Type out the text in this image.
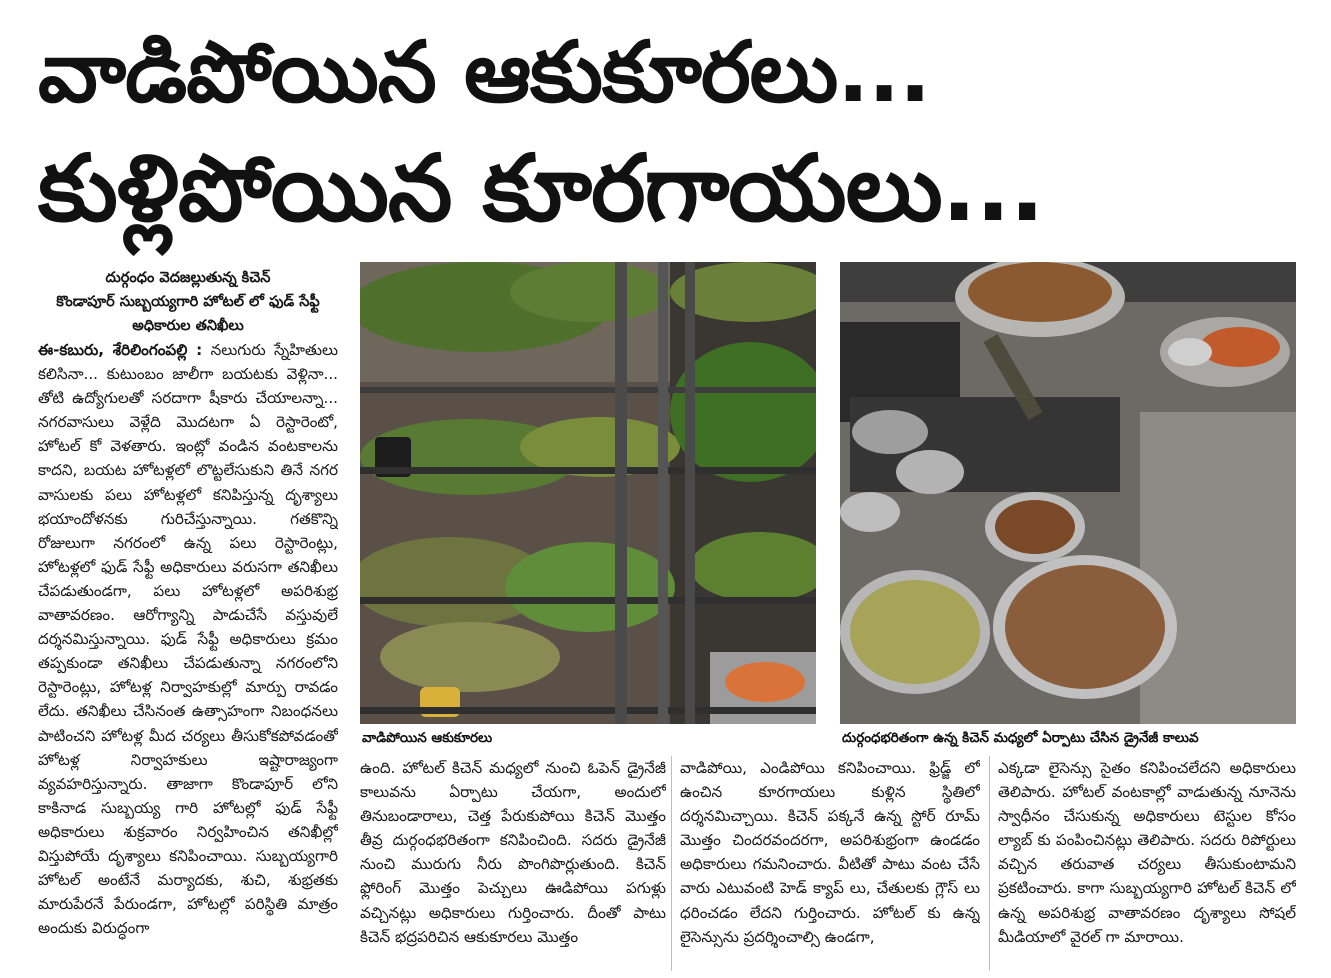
వాడిపోయిన ఆకుకూరలు...
కుళ్లిపోయిన కూరగాయలు...
దుర్గంధం వెదజల్లుతున్న కిచెన్
కొండాపూర్ సుబ్బయ్యగారి హోటల్ లో ఫుడ్ సేఫ్టీ
అధికారుల తనిఖీలు
ఈ-కబురు, శేరిలింగంపల్లి : నలుగురు స్నేహితులు కలిసినా... కుటుంబం జాలీగా బయటకు వెళ్లినా... తోటి ఉద్యోగులతో సరదాగా షీకారు చేయాలన్నా... నగరవాసులు వెళ్లేది మొదటగా ఏ రెస్టారెంటో, హోటల్ కో వెళతారు. ఇంట్లో వండిన వంటకాలను కాదని, బయట హోటళ్లలో లొట్టలేసుకుని తినే నగర వాసులకు పలు హోటళ్లలో కనిపిస్తున్న దృశ్యాలు భయాందోళనకు గురిచేస్తున్నాయి. గతకొన్ని రోజులుగా నగరంలో ఉన్న పలు రెస్టారెంట్లు, హోటళ్లలో ఫుడ్ సేఫ్టీ అధికారులు వరుసగా తనిఖీలు చేపడుతుండగా, పలు హోటళ్లలో అపరిశుభ్ర వాతావరణం. ఆరోగ్యాన్ని పాడుచేసే వస్తువులే దర్శనమిస్తున్నాయి. ఫుడ్ సేఫ్టీ అధికారులు క్రమం తప్పకుండా తనిఖీలు చేపడుతున్నా నగరంలోని రెస్టారెంట్లు, హోటళ్ల నిర్వాహకుల్లో మార్పు రావడం లేదు. తనిఖీలు చేసినంత ఉత్సాహంగా నిబంధనలు పాటించని హోటళ్ల మీద చర్యలు తీసుకోకపోవడంతో హోటళ్ల నిర్వాహకులు ఇష్టారాజ్యంగా వ్యవహరిస్తున్నారు. తాజాగా కొండాపూర్ లోని కాకినాడ సుబ్బయ్య గారి హోటల్లో ఫుడ్ సేఫ్టీ అధికారులు శుక్రవారం నిర్వహించిన తనిఖీల్లో విస్తుపోయే దృశ్యాలు కనిపించాయి. సుబ్బయ్యగారి హోటల్ అంటేనే మర్యాదకు, శుచి, శుభ్రతకు మారుపేరనే పేరుండగా, హోటల్లో పరిస్థితి మాత్రం అందుకు విరుద్ధంగా
వాడిపోయిన ఆకుకూరలు	దుర్గంధభరితంగా ఉన్న కిచెన్ మధ్యలో ఏర్పాటు చేసిన డ్రైనేజీ కాలువ
ఉంది. హోటల్ కిచెన్ మధ్యలో నుంచి ఓపెన్ డ్రైనేజీ కాలువను ఏర్పాటు చేయగా, అందులో తినుబండారాలు, చెత్త పేరుకుపోయి కిచెన్ మొత్తం తీవ్ర దుర్గంధభరితంగా కనిపించింది. సదరు డ్రైనేజీ నుంచి మురుగు నీరు పొంగిపొర్లుతుంది. కిచెన్ ఫ్లోరింగ్ మొత్తం పెచ్చులు ఊడిపోయి పగుళ్లు వచ్చినట్లు అధికారులు గుర్తించారు. దీంతో పాటు కిచెన్ భద్రపరిచిన ఆకుకూరలు మొత్తం
వాడిపోయి, ఎండిపోయి కనిపించాయి. ఫ్రిడ్జ్ లో ఉంచిన కూరగాయలు కుళ్లిన స్థితిలో దర్శనమిచ్చాయి. కిచెన్ పక్కనే ఉన్న స్టోర్ రూమ్ మొత్తం చిందరవందరగా, అపరిశుభ్రంగా ఉండడం అధికారులు గమనించారు. వీటితో పాటు వంట చేసే వారు ఎటువంటి హెడ్ క్యాప్ లు, చేతులకు గ్లౌస్ లు ధరించడం లేదని గుర్తించారు. హోటల్ కు ఉన్న లైసెన్సును ప్రదర్శించాల్సి ఉండగా,
ఎక్కడా లైసెన్సు సైతం కనిపించలేదని అధికారులు తెలిపారు. హోటల్ వంటకాల్లో వాడుతున్న నూనెను స్వాధీనం చేసుకున్న అధికారులు టెస్టుల కోసం ల్యాబ్ కు పంపించినట్లు తెలిపారు. సదరు రిపోర్టులు వచ్చిన తరువాత చర్యలు తీసుకుంటామని ప్రకటించారు. కాగా సుబ్బయ్యగారి హోటల్ కిచెన్ లో ఉన్న అపరిశుభ్ర వాతావరణం దృశ్యాలు సోషల్ మీడియాలో వైరల్ గా మారాయి.
